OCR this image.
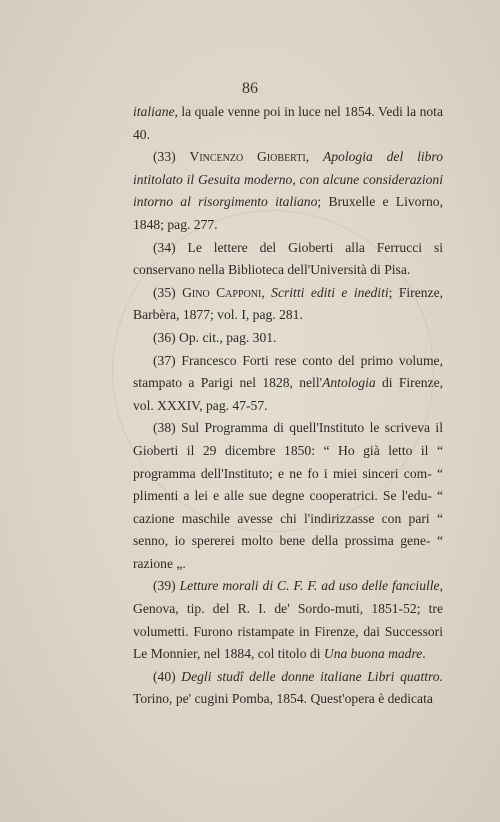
86

italiane, la quale venne poi in luce nel 1854. Vedi la nota 40.

(33) Vincenzo Gioberti, Apologia del libro intitolato il Gesuita moderno, con alcune considerazioni intorno al risorgimento italiano; Bruxelle e Livorno, 1848; pag. 277.

(34) Le lettere del Gioberti alla Ferrucci si conservano nella Biblioteca dell'Università di Pisa.

(35) Gino Capponi, Scritti editi e inediti; Firenze, Barbèra, 1877; vol. I, pag. 281.

(36) Op. cit., pag. 301.

(37) Francesco Forti rese conto del primo volume, stampato a Parigi nel 1828, nell'Antologia di Firenze, vol. XXXIV, pag. 47-57.

(38) Sul Programma di quell'Instituto le scriveva il Gioberti il 29 dicembre 1850: “ Ho già letto il “ programma dell'Instituto; e ne fo i miei sinceri com- “ plimenti a lei e alle sue degne cooperatrici. Se l'edu- “ cazione maschile avesse chi l'indirizzasse con pari “ senno, io spererei molto bene della prossima gene- “ razione „.

(39) Letture morali di C. F. F. ad uso delle fanciulle, Genova, tip. del R. I. de' Sordo-muti, 1851-52; tre volumetti. Furono ristampate in Firenze, dai Successori Le Monnier, nel 1884, col titolo di Una buona madre.

(40) Degli studî delle donne italiane Libri quattro. Torino, pe' cugini Pomba, 1854. Quest'opera è dedicata
